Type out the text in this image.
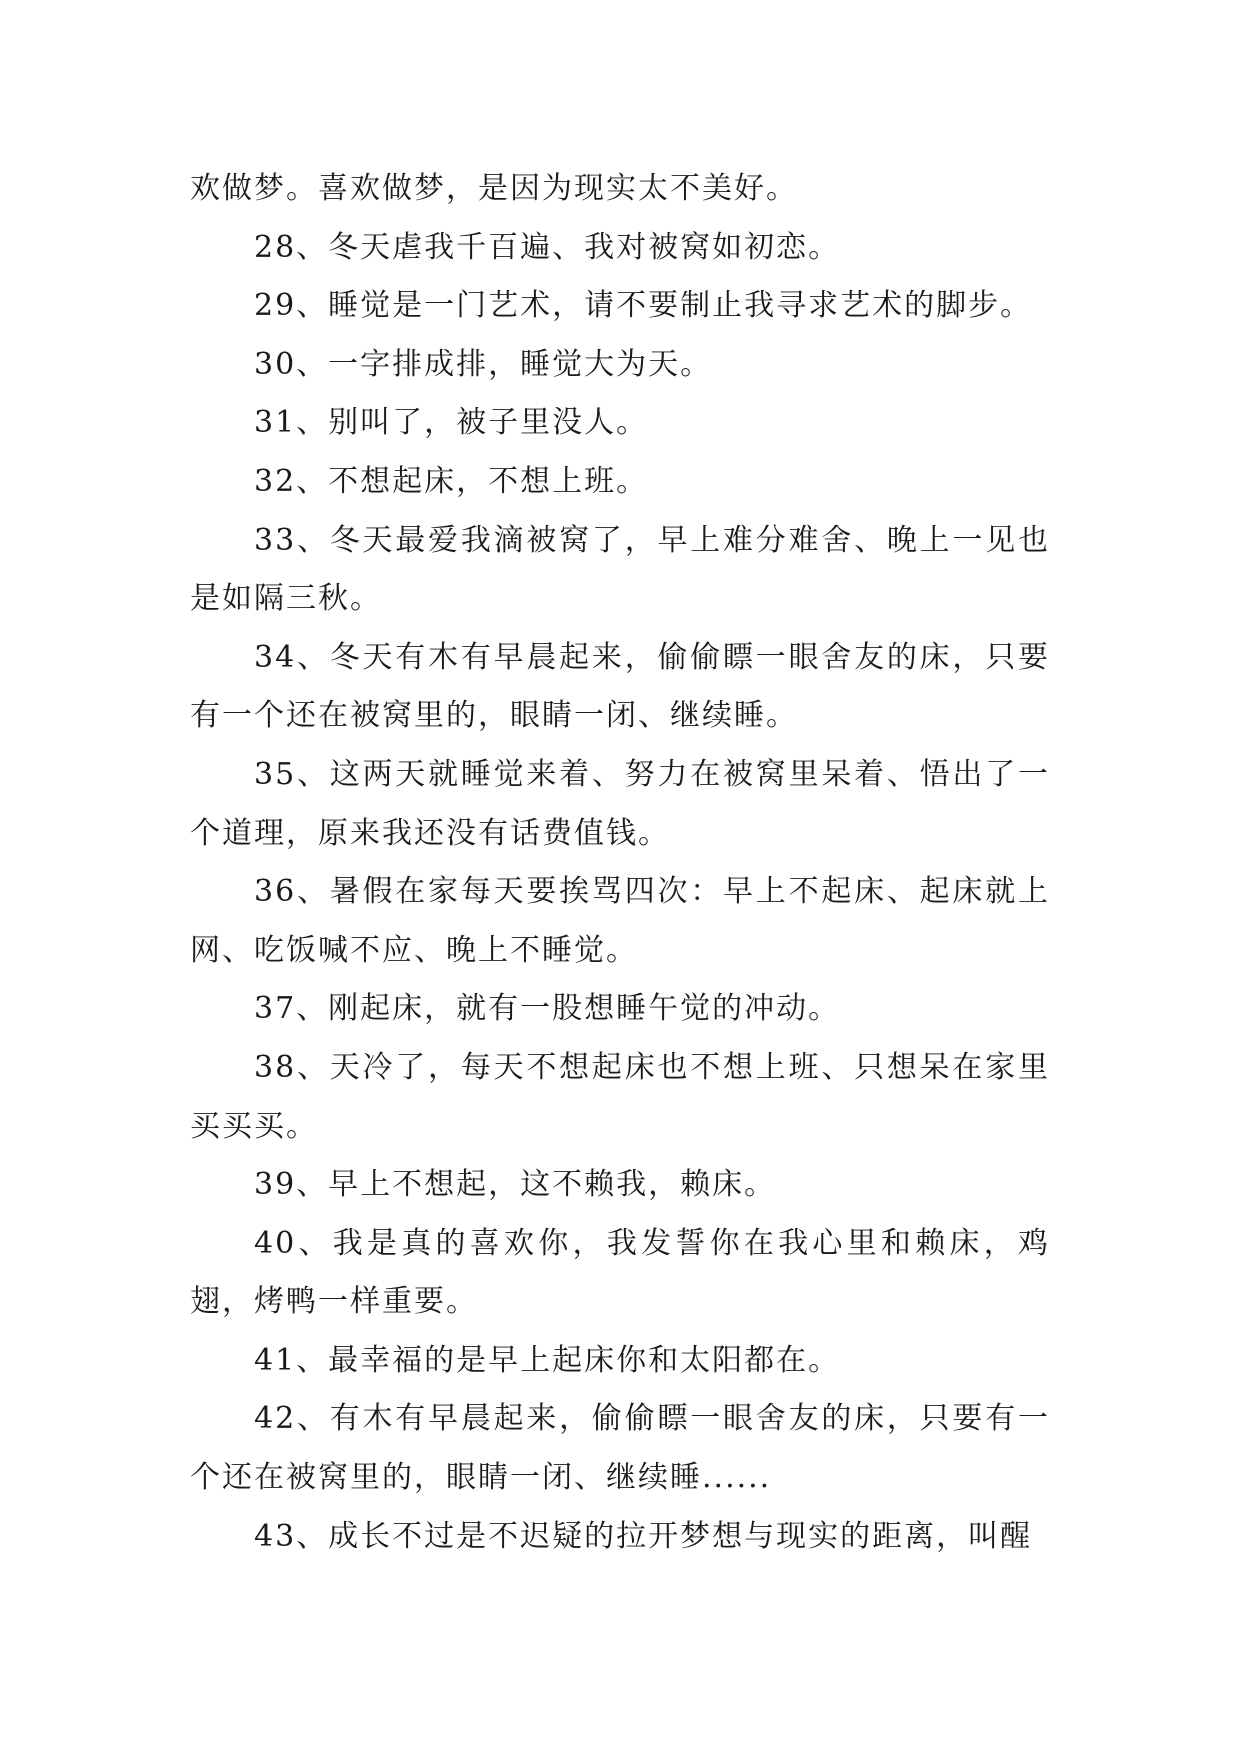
欢做梦。喜欢做梦，是因为现实太不美好。

28、冬天虐我千百遍、我对被窝如初恋。

29、睡觉是一门艺术，请不要制止我寻求艺术的脚步。

30、一字排成排，睡觉大为天。

31、别叫了，被子里没人。

32、不想起床，不想上班。

33、冬天最爱我滴被窝了，早上难分难舍、晚上一见也是如隔三秋。

34、冬天有木有早晨起来，偷偷瞟一眼舍友的床，只要有一个还在被窝里的，眼睛一闭、继续睡。

35、这两天就睡觉来着、努力在被窝里呆着、悟出了一个道理，原来我还没有话费值钱。

36、暑假在家每天要挨骂四次：早上不起床、起床就上网、吃饭喊不应、晚上不睡觉。

37、刚起床，就有一股想睡午觉的冲动。

38、天冷了，每天不想起床也不想上班、只想呆在家里买买买。

39、早上不想起，这不赖我，赖床。

40、我是真的喜欢你，我发誓你在我心里和赖床，鸡翅，烤鸭一样重要。

41、最幸福的是早上起床你和太阳都在。

42、有木有早晨起来，偷偷瞟一眼舍友的床，只要有一个还在被窝里的，眼睛一闭、继续睡......

43、成长不过是不迟疑的拉开梦想与现实的距离，叫醒
